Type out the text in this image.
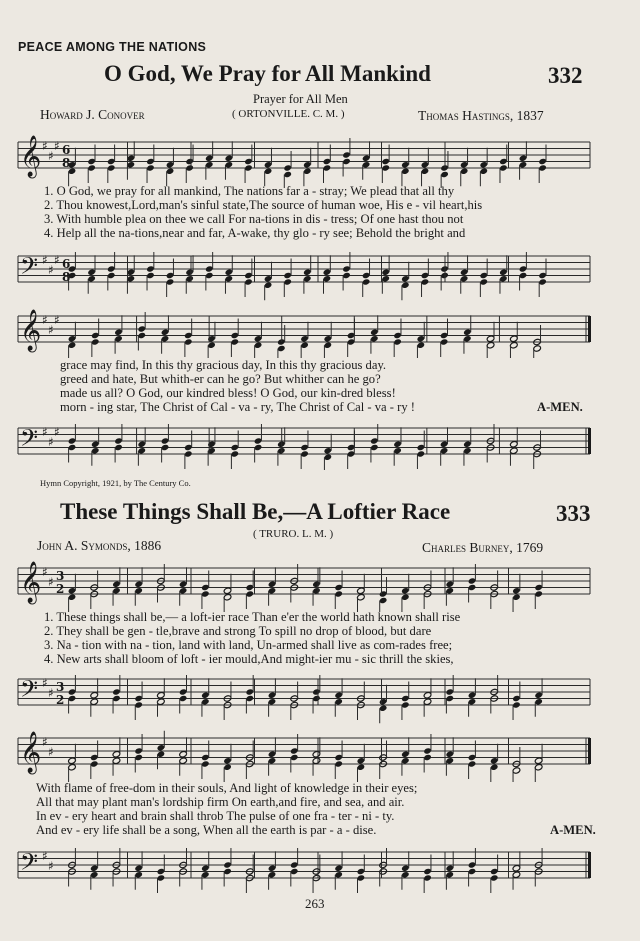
PEACE AMONG THE NATIONS
O God, We Pray for All Mankind	332
Prayer for All Men
Howard J. Conover	( ORTONVILLE. C. M. )	Thomas Hastings, 1837
𝄞 ♯
♯
♯ 6
8
1. O God, we pray for all mankind, The nations far a - stray; We plead that all thy
2. Thou knowest,Lord,man's sinful state,The source of human woe, His e - vil heart,his
3. With humble plea on thee we call For na-tions in dis - tress; Of one hast thou not
4. Help all the na-tions,near and far, A-wake, thy glo - ry see; Behold the bright and
𝄢 ♯
♯
♯ 6
8
𝄞 ♯
♯
♯
grace may find, In this thy gracious day, In this thy gracious day.
greed and hate, But whith-er can he go? But whither can he go?
made us all? O God, our kindred bless! O God, our kin-dred bless!
morn - ing star, The Christ of Cal - va - ry, The Christ of Cal - va - ry !	A-MEN.
𝄢 ♯
♯
♯
Hymn Copyright, 1921, by The Century Co.
These Things Shall Be,—A Loftier Race	333
( TRURO. L. M. )
John A. Symonds, 1886	Charles Burney, 1769
𝄞 ♯
♯ 3
2
1. These things shall be,— a loft-ier race Than e'er the world hath known shall rise
2. They shall be gen - tle,brave and strong To spill no drop of blood, but dare
3. Na - tion with na - tion, land with land, Un-armed shall live as com-rades free;
4. New arts shall bloom of loft - ier mould,And might-ier mu - sic thrill the skies,
𝄢 ♯
♯ 3
2
𝄞 ♯
♯
With flame of free-dom in their souls, And light of knowledge in their eyes;
All that may plant man's lordship firm On earth,and fire, and sea, and air.
In ev - ery heart and brain shall throb The pulse of one fra - ter - ni - ty.
And ev - ery life shall be a song, When all the earth is par - a - dise.	A-MEN.
𝄢 ♯
♯
263
